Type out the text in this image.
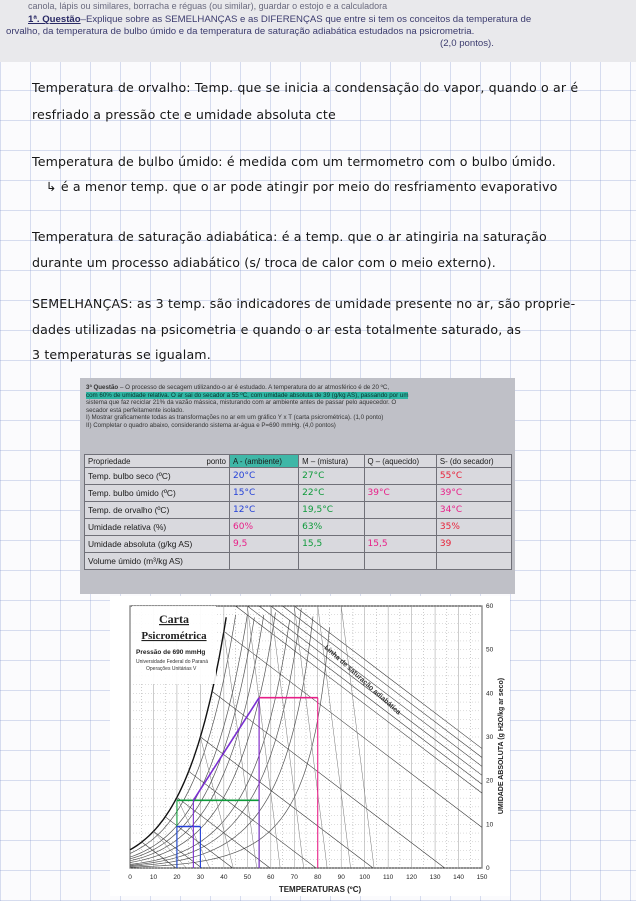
canola, lápis ou similares, borracha e réguas (ou similar), guardar o estojo e a calculadora
1ª. Questão–Explique sobre as SEMELHANÇAS e as DIFERENÇAS que entre si tem os conceitos da temperatura de
orvalho, da temperatura de bulbo úmido e da temperatura de saturação adiabática estudados na psicrometria.
(2,0 pontos).
Temperatura de orvalho: Temp. que se inicia a condensação do vapor, quando o ar é
resfriado a pressão cte e umidade absoluta cte
Temperatura de bulbo úmido: é medida com um termometro com o bulbo úmido.
↳ é a menor temp. que o ar pode atingir por meio do resfriamento evaporativo
Temperatura de saturação adiabática: é a temp. que o ar atingiria na saturação
durante um processo adiabático (s/ troca de calor com o meio externo).
SEMELHANÇAS: as 3 temp. são indicadores de umidade presente no ar, são proprie-
dades utilizadas na psicometria e quando o ar esta totalmente saturado, as
3 temperaturas se igualam.
3ª Questão – O processo de secagem utilizando-o ar é estudado. A temperatura do ar atmosférico é de 20 ºC,
com 60% de umidade relativa. O ar sai do secador a 55 ºC, com umidade absoluta de 39 (g/kg AS), passando por um
sistema que faz reciclar 21% da vazão mássica, misturando com ar ambiente antes de passar pelo aquecedor. O
secador está perfeitamente isolado.
I) Mostrar graficamente todas as transformações no ar em um gráfico Y x T (carta psicrométrica). (1,0 ponto)
II) Completar o quadro abaixo, considerando sistema ar-água e P=690 mmHg. (4,0 pontos)
Propriedade ponto	A - (ambiente)	M – (mistura)	Q – (aquecido)	S- (do secador)
Temp. bulbo seco (ºC)	20°C	27°C		55°C
Temp. bulbo úmido (ºC)	15°C	22°C	39°C	39°C
Temp. de orvalho (ºC)	12°C	19,5°C		34°C
Umidade relativa (%)	60%	63%		35%
Umidade absoluta (g/kg AS)	9,5	15,5	15,5	39
Volume úmido (m³/kg AS)				
0	10 20 30 40 50 60 70 80 90 100 110 120 130 140 150
0
10
20
30
40
50
60
Carta
Psicrométrica
Pressão de 690 mmHg
Universidade Federal do Paraná
Operações Unitárias V	Linha de saturação adiabática
TEMPERATURAS (ºC)
UMIDADE ABSOLUTA (g H2O/kg ar seco)
